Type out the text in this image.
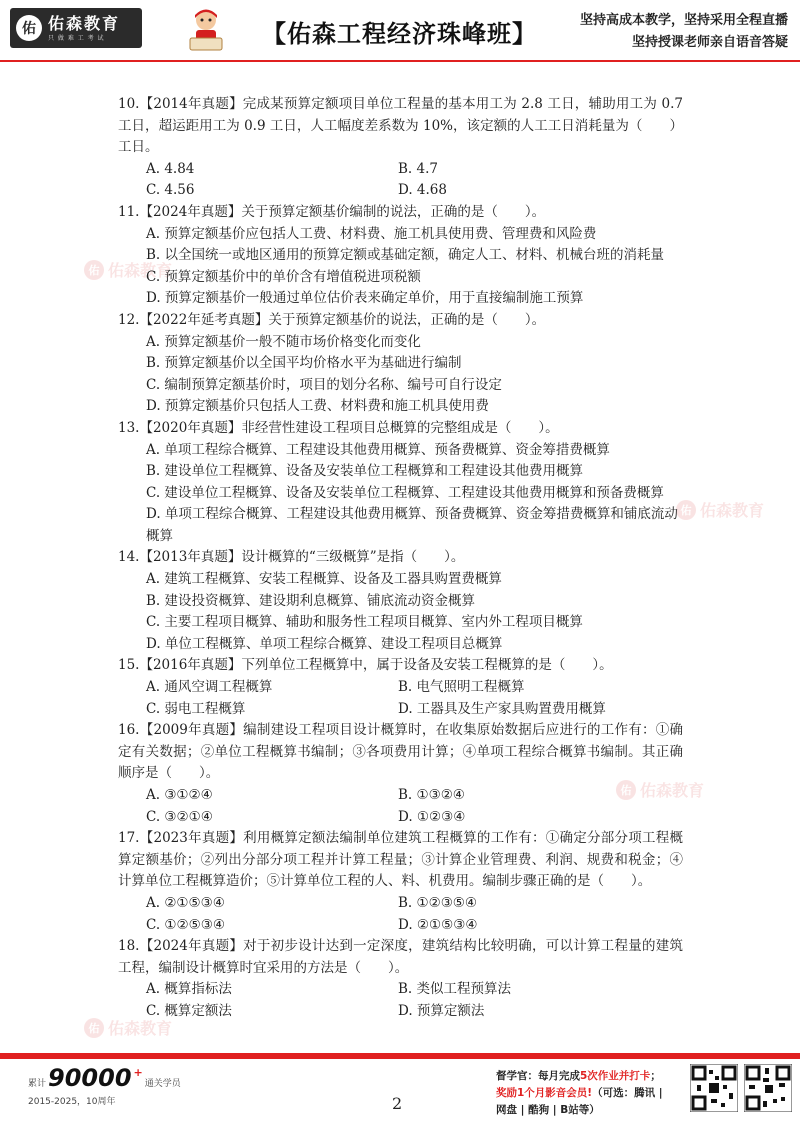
佑 佑森教育
只 做 难 工 考 试	【佑森工程经济珠峰班】	坚持高成本教学，坚持采用全程直播
坚持授课老师亲自语音答疑
佑 佑森教育
佑 佑森教育
佑 佑森教育
佑 佑森教育
10.【2014年真题】完成某预算定额项目单位工程量的基本用工为 2.8 工日，辅助用工为 0.7 工日，超运距用工为 0.9 工日，人工幅度差系数为 10%，该定额的人工工日消耗量为（　　）工日。
A. 4.84	B. 4.7
C. 4.56	D. 4.68
11.【2024年真题】关于预算定额基价编制的说法，正确的是（　　）。
A. 预算定额基价应包括人工费、材料费、施工机具使用费、管理费和风险费
B. 以全国统一或地区通用的预算定额或基础定额，确定人工、材料、机械台班的消耗量
C. 预算定额基价中的单价含有增值税进项税额
D. 预算定额基价一般通过单位估价表来确定单价，用于直接编制施工预算
12.【2022年延考真题】关于预算定额基价的说法，正确的是（　　）。
A. 预算定额基价一般不随市场价格变化而变化
B. 预算定额基价以全国平均价格水平为基础进行编制
C. 编制预算定额基价时，项目的划分名称、编号可自行设定
D. 预算定额基价只包括人工费、材料费和施工机具使用费
13.【2020年真题】非经营性建设工程项目总概算的完整组成是（　　）。
A. 单项工程综合概算、工程建设其他费用概算、预备费概算、资金筹措费概算
B. 建设单位工程概算、设备及安装单位工程概算和工程建设其他费用概算
C. 建设单位工程概算、设备及安装单位工程概算、工程建设其他费用概算和预备费概算
D. 单项工程综合概算、工程建设其他费用概算、预备费概算、资金筹措费概算和铺底流动概算
14.【2013年真题】设计概算的“三级概算”是指（　　）。
A. 建筑工程概算、安装工程概算、设备及工器具购置费概算
B. 建设投资概算、建设期利息概算、铺底流动资金概算
C. 主要工程项目概算、辅助和服务性工程项目概算、室内外工程项目概算
D. 单位工程概算、单项工程综合概算、建设工程项目总概算
15.【2016年真题】下列单位工程概算中，属于设备及安装工程概算的是（　　）。
A. 通风空调工程概算	B. 电气照明工程概算
C. 弱电工程概算	D. 工器具及生产家具购置费用概算
16.【2009年真题】编制建设工程项目设计概算时，在收集原始数据后应进行的工作有：①确定有关数据；②单位工程概算书编制；③各项费用计算；④单项工程综合概算书编制。其正确顺序是（　　）。
A. ③①②④	B. ①③②④
C. ③②①④	D. ①②③④
17.【2023年真题】利用概算定额法编制单位建筑工程概算的工作有：①确定分部分项工程概算定额基价；②列出分部分项工程并计算工程量；③计算企业管理费、利润、规费和税金；④计算单位工程概算造价；⑤计算单位工程的人、料、机费用。编制步骤正确的是（　　）。
A. ②①⑤③④	B. ①②③⑤④
C. ①②⑤③④	D. ②①⑤③④
18.【2024年真题】对于初步设计达到一定深度，建筑结构比较明确，可以计算工程量的建筑工程，编制设计概算时宜采用的方法是（　　）。
A. 概算指标法	B. 类似工程预算法
C. 概算定额法	D. 预算定额法
累计 90000 +
通关学员
2015-2025，10周年	2
督学官：每月完成5次作业并打卡；
奖励1个月影音会员!（可选：腾讯 |
网盘 | 酷狗 | B站等）
